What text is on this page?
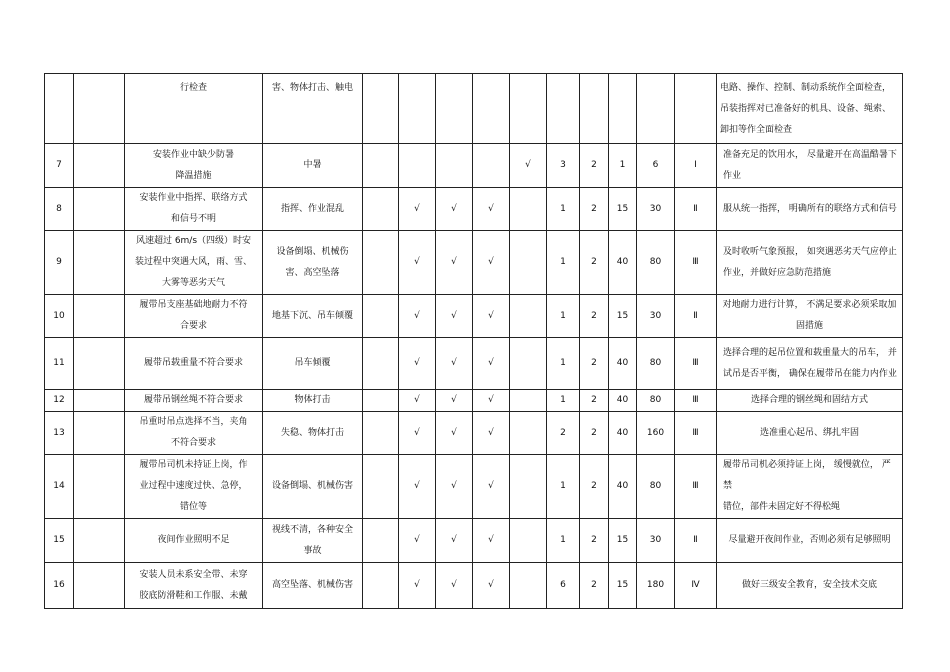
		行检查	害、物体打击、触电											电路、操作、控制、制动系统作全面检查，
吊装指挥对已准备好的机具、设备、绳索、
卸扣等作全面检查
7		安装作业中缺少防暑
降温措施	中暑					√	3	2	1	6	Ⅰ	准备充足的饮用水， 尽量避开在高温酷暑下
作业
8		安装作业中指挥、联络方式
和信号不明	指挥、作业混乱		√	√	√		1	2	15	30	Ⅱ	服从统一指挥， 明确所有的联络方式和信号
9		风速超过 6m/s（四级）时安
装过程中突遇大风，雨、雪、
大雾等恶劣天气	设备倒塌、机械伤
害、高空坠落		√	√	√		1	2	40	80	Ⅲ	及时收听气象预报， 如突遇恶劣天气应停止
作业，并做好应急防范措施
10		履带吊支座基础地耐力不符
合要求	地基下沉、吊车倾覆		√	√	√		1	2	15	30	Ⅱ	对地耐力进行计算， 不满足要求必须采取加
固措施
11		履带吊载重量不符合要求	吊车倾覆		√	√	√		1	2	40	80	Ⅲ	选择合理的起吊位置和载重量大的吊车， 并
试吊是否平衡， 确保在履带吊在能力内作业
12		履带吊钢丝绳不符合要求	物体打击		√	√	√		1	2	40	80	Ⅲ	选择合理的钢丝绳和固结方式
13		吊重时吊点选择不当，夹角
不符合要求	失稳、物体打击		√	√	√		2	2	40	160	Ⅲ	选准重心起吊、绑扎牢固
14		履带吊司机未持证上岗，作
业过程中速度过快、急停，
错位等	设备倒塌、机械伤害		√	√	√		1	2	40	80	Ⅲ	履带吊司机必须持证上岗， 缓慢就位， 严禁
错位，部件未固定好不得松绳
15		夜间作业照明不足	视线不清，各种安全
事故		√	√	√		1	2	15	30	Ⅱ	尽量避开夜间作业，否则必须有足够照明
16		安装人员未系安全带、未穿
胶底防滑鞋和工作服、未戴	高空坠落、机械伤害		√	√	√		6	2	15	180	Ⅳ	做好三级安全教育，安全技术交底
